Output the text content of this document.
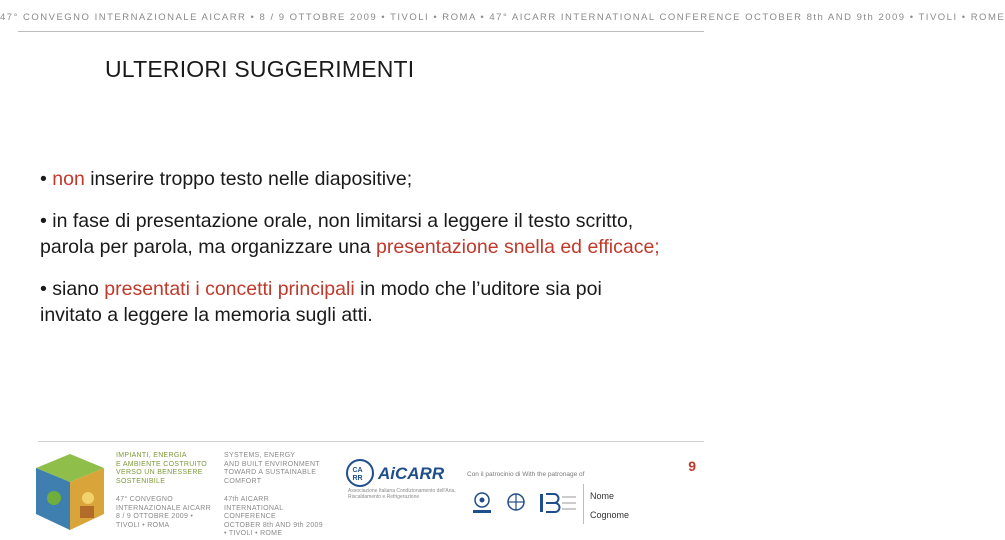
47° CONVEGNO INTERNAZIONALE AICARR • 8 / 9 OTTOBRE 2009 • TIVOLI • ROMA • 47° AICARR INTERNATIONAL CONFERENCE OCTOBER 8th AND 9th 2009 • TIVOLI • ROME
ULTERIORI SUGGERIMENTI

• non inserire troppo testo nelle diapositive;

• in fase di presentazione orale, non limitarsi a leggere il testo scritto, parola per parola, ma organizzare una presentazione snella ed efficace;

• siano presentati i concetti principali in modo che l’uditore sia poi invitato a leggere la memoria sugli atti.

9
IMPIANTI, ENERGIA
E AMBIENTE COSTRUITO
VERSO UN BENESSERE
SOSTENIBILE
47° CONVEGNO INTERNAZIONALE AICARR
8 / 9 OTTOBRE 2009 • TIVOLI • ROMA
SYSTEMS, ENERGY
AND BUILT ENVIRONMENT
TOWARD A SUSTAINABLE
COMFORT
47th AICARR INTERNATIONAL CONFERENCE
OCTOBER 8th AND 9th 2009 • TIVOLI • ROME
CA
RR AiCARR
Associazione Italiana Condizionamento dell'Aria,
Riscaldamento e Refrigerazione
Con il patrocinio di With the patronage of
Nome
Cognome
